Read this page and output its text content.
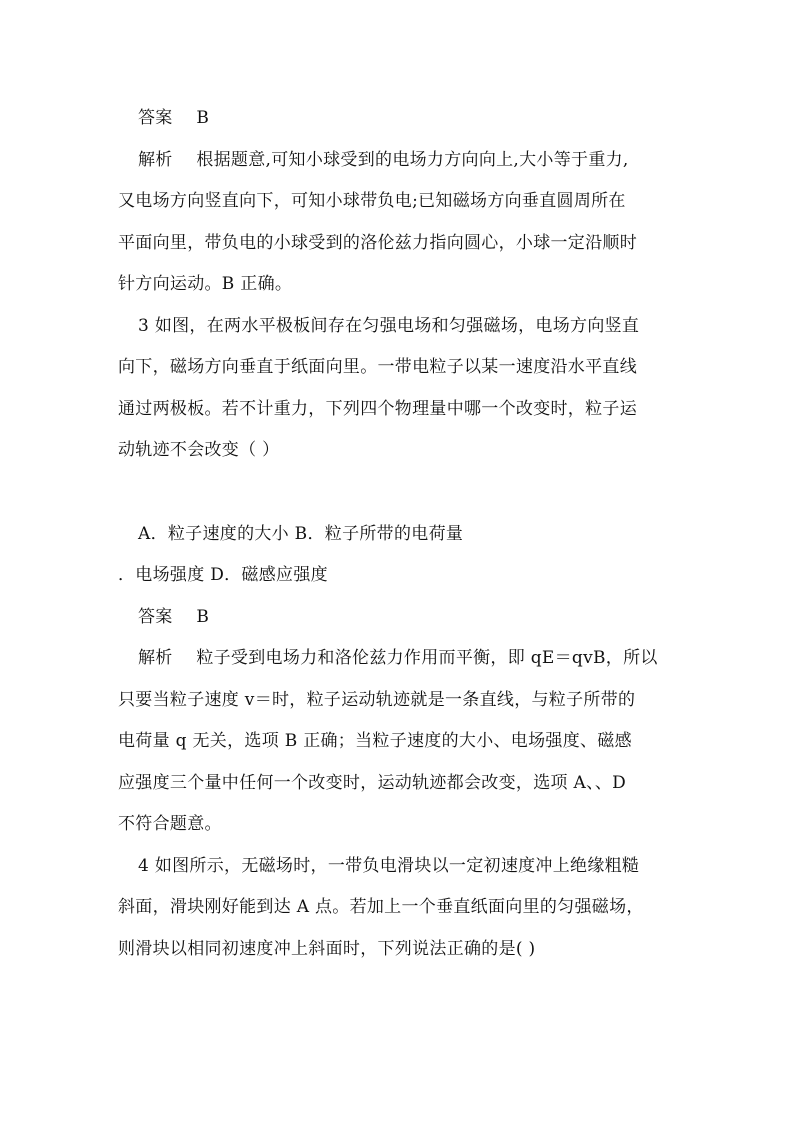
答案 B
解析 根据题意,可知小球受到的电场力方向向上,大小等于重力,
又电场方向竖直向下，可知小球带负电;已知磁场方向垂直圆周所在
平面向里，带负电的小球受到的洛伦兹力指向圆心，小球一定沿顺时
针方向运动。B 正确。
3 如图，在两水平极板间存在匀强电场和匀强磁场，电场方向竖直
向下，磁场方向垂直于纸面向里。一带电粒子以某一速度沿水平直线
通过两极板。若不计重力，下列四个物理量中哪一个改变时，粒子运
动轨迹不会改变（ ）
A．粒子速度的大小 B．粒子所带的电荷量
．电场强度 D．磁感应强度
答案 B
解析 粒子受到电场力和洛伦兹力作用而平衡，即 qE＝qvB，所以
只要当粒子速度 v＝时，粒子运动轨迹就是一条直线，与粒子所带的
电荷量 q 无关，选项 B 正确；当粒子速度的大小、电场强度、磁感
应强度三个量中任何一个改变时，运动轨迹都会改变，选项 A、、D
不符合题意。
4 如图所示，无磁场时，一带负电滑块以一定初速度冲上绝缘粗糙
斜面，滑块刚好能到达 A 点。若加上一个垂直纸面向里的匀强磁场，
则滑块以相同初速度冲上斜面时，下列说法正确的是( )
